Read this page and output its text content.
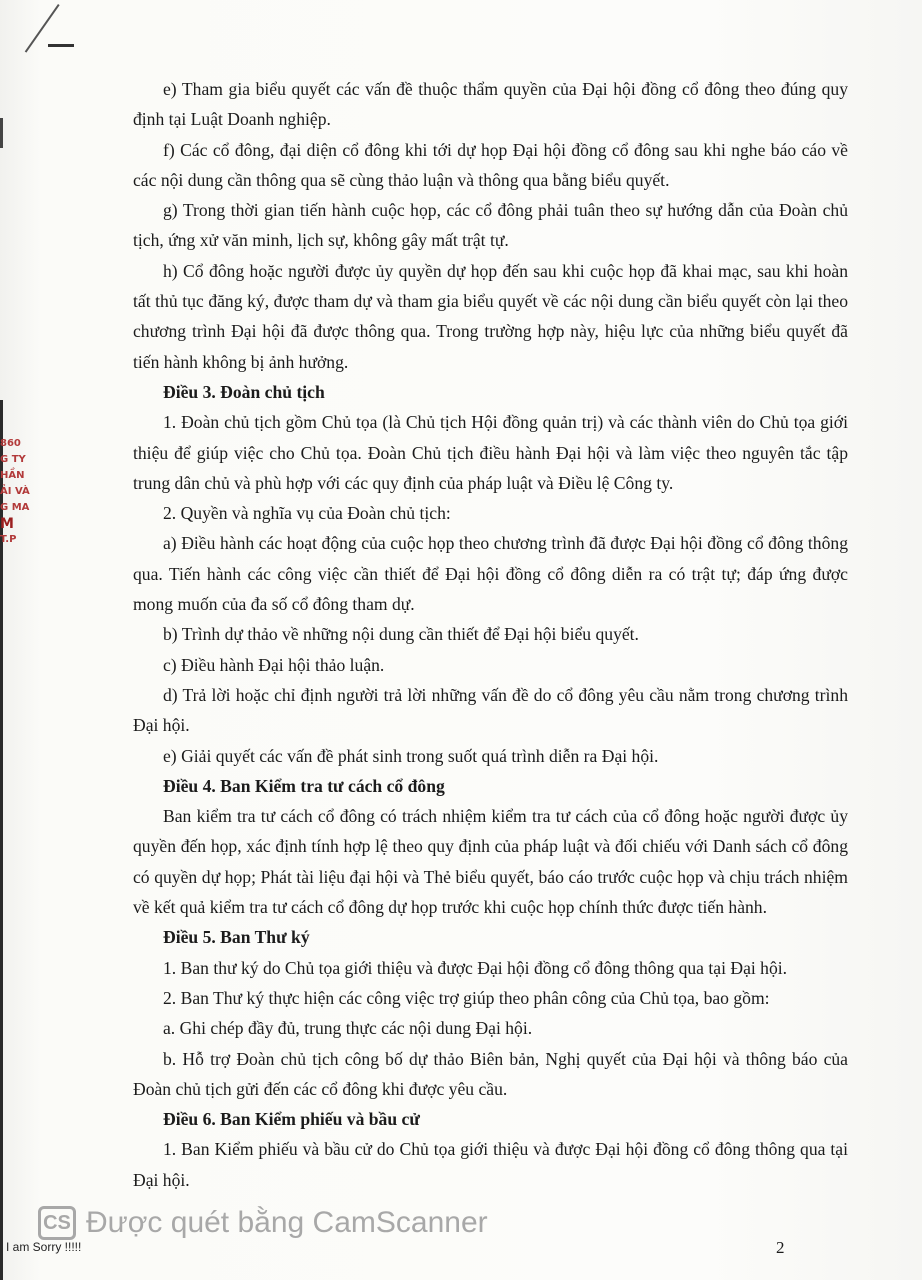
860
G TY
HẦN
ẢI VÀ
G MA
M
T.P

e) Tham gia biểu quyết các vấn đề thuộc thẩm quyền của Đại hội đồng cổ đông theo đúng quy định tại Luật Doanh nghiệp.

f) Các cổ đông, đại diện cổ đông khi tới dự họp Đại hội đồng cổ đông sau khi nghe báo cáo về các nội dung cần thông qua sẽ cùng thảo luận và thông qua bằng biểu quyết.

g) Trong thời gian tiến hành cuộc họp, các cổ đông phải tuân theo sự hướng dẫn của Đoàn chủ tịch, ứng xử văn minh, lịch sự, không gây mất trật tự.

h) Cổ đông hoặc người được ủy quyền dự họp đến sau khi cuộc họp đã khai mạc, sau khi hoàn tất thủ tục đăng ký, được tham dự và tham gia biểu quyết về các nội dung cần biểu quyết còn lại theo chương trình Đại hội đã được thông qua. Trong trường hợp này, hiệu lực của những biểu quyết đã tiến hành không bị ảnh hưởng.

Điều 3. Đoàn chủ tịch

1. Đoàn chủ tịch gồm Chủ tọa (là Chủ tịch Hội đồng quản trị) và các thành viên do Chủ tọa giới thiệu để giúp việc cho Chủ tọa. Đoàn Chủ tịch điều hành Đại hội và làm việc theo nguyên tắc tập trung dân chủ và phù hợp với các quy định của pháp luật và Điều lệ Công ty.

2. Quyền và nghĩa vụ của Đoàn chủ tịch:

a) Điều hành các hoạt động của cuộc họp theo chương trình đã được Đại hội đồng cổ đông thông qua. Tiến hành các công việc cần thiết để Đại hội đồng cổ đông diễn ra có trật tự; đáp ứng được mong muốn của đa số cổ đông tham dự.

b) Trình dự thảo về những nội dung cần thiết để Đại hội biểu quyết.

c) Điều hành Đại hội thảo luận.

d) Trả lời hoặc chỉ định người trả lời những vấn đề do cổ đông yêu cầu nằm trong chương trình Đại hội.

e) Giải quyết các vấn đề phát sinh trong suốt quá trình diễn ra Đại hội.

Điều 4. Ban Kiểm tra tư cách cổ đông

Ban kiểm tra tư cách cổ đông có trách nhiệm kiểm tra tư cách của cổ đông hoặc người được ủy quyền đến họp, xác định tính hợp lệ theo quy định của pháp luật và đối chiếu với Danh sách cổ đông có quyền dự họp; Phát tài liệu đại hội và Thẻ biểu quyết, báo cáo trước cuộc họp và chịu trách nhiệm về kết quả kiểm tra tư cách cổ đông dự họp trước khi cuộc họp chính thức được tiến hành.

Điều 5. Ban Thư ký

1. Ban thư ký do Chủ tọa giới thiệu và được Đại hội đồng cổ đông thông qua tại Đại hội.

2. Ban Thư ký thực hiện các công việc trợ giúp theo phân công của Chủ tọa, bao gồm:

a. Ghi chép đầy đủ, trung thực các nội dung Đại hội.

b. Hỗ trợ Đoàn chủ tịch công bố dự thảo Biên bản, Nghị quyết của Đại hội và thông báo của Đoàn chủ tịch gửi đến các cổ đông khi được yêu cầu.

Điều 6. Ban Kiểm phiếu và bầu cử

1. Ban Kiểm phiếu và bầu cử do Chủ tọa giới thiệu và được Đại hội đồng cổ đông thông qua tại Đại hội.

CS Được quét bằng CamScanner
I am Sorry !!!!!	2
